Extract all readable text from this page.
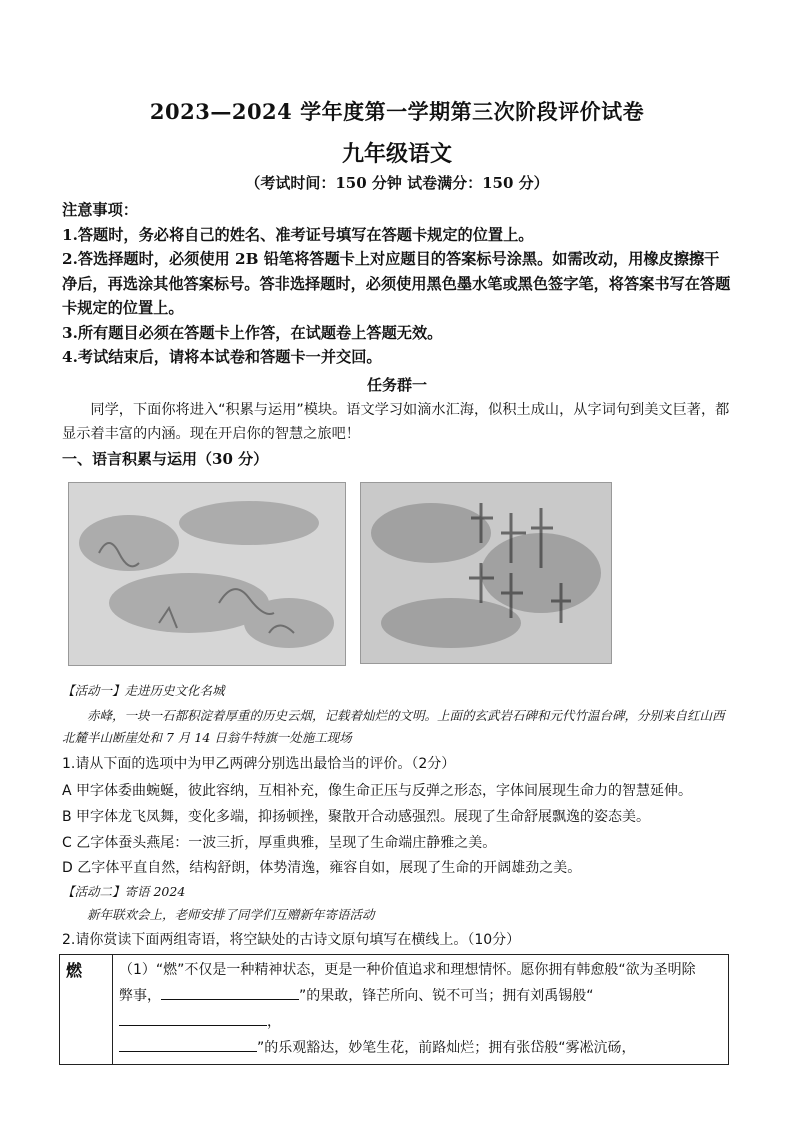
2023—2024 学年度第一学期第三次阶段评价试卷
九年级语文
（考试时间：150 分钟 试卷满分：150 分）

注意事项：

1.答题时，务必将自己的姓名、准考证号填写在答题卡规定的位置上。

2.答选择题时，必须使用 2B 铅笔将答题卡上对应题目的答案标号涂黑。如需改动，用橡皮擦擦干净后，再选涂其他答案标号。答非选择题时，必须使用黑色墨水笔或黑色签字笔，将答案书写在答题卡规定的位置上。

3.所有题目必须在答题卡上作答，在试题卷上答题无效。

4.考试结束后，请将本试卷和答题卡一并交回。

任务群一
同学，下面你将进入“积累与运用”模块。语文学习如滴水汇海，似积土成山，从字词句到美文巨著，都显示着丰富的内涵。现在开启你的智慧之旅吧！
一、语言积累与运用（30 分）
【活动一】走进历史文化名城
赤峰，一块一石都积淀着厚重的历史云烟，记载着灿烂的文明。上面的玄武岩石碑和元代竹温台碑，分别来自红山西北麓半山断崖处和 7 月 14 日翁牛特旗一处施工现场
1.请从下面的选项中为甲乙两碑分别选出最恰当的评价。（2分）
A 甲字体委曲蜿蜒，彼此容纳，互相补充，像生命正压与反弹之形态，字体间展现生命力的智慧延伸。
B 甲字体龙飞凤舞，变化多端，抑扬顿挫，聚散开合动感强烈。展现了生命舒展飘逸的姿态美。
C 乙字体蚕头燕尾：一波三折，厚重典雅，呈现了生命端庄静雅之美。
D 乙字体平直自然，结构舒朗，体势清逸，雍容自如，展现了生命的开阔雄劲之美。
【活动二】寄语 2024
新年联欢会上，老师安排了同学们互赠新年寄语活动
2.请你赏读下面两组寄语，将空缺处的古诗文原句填写在横线上。（10分）
燃	（1）“燃”不仅是一种精神状态，更是一种价值追求和理想情怀。愿你拥有韩愈般“欲为圣明除
弊事，	”的果敢，锋芒所向、锐不可当；拥有刘禹锡般“，
”的乐观豁达，妙笔生花，前路灿烂；拥有张岱般“雾凇沆砀，
